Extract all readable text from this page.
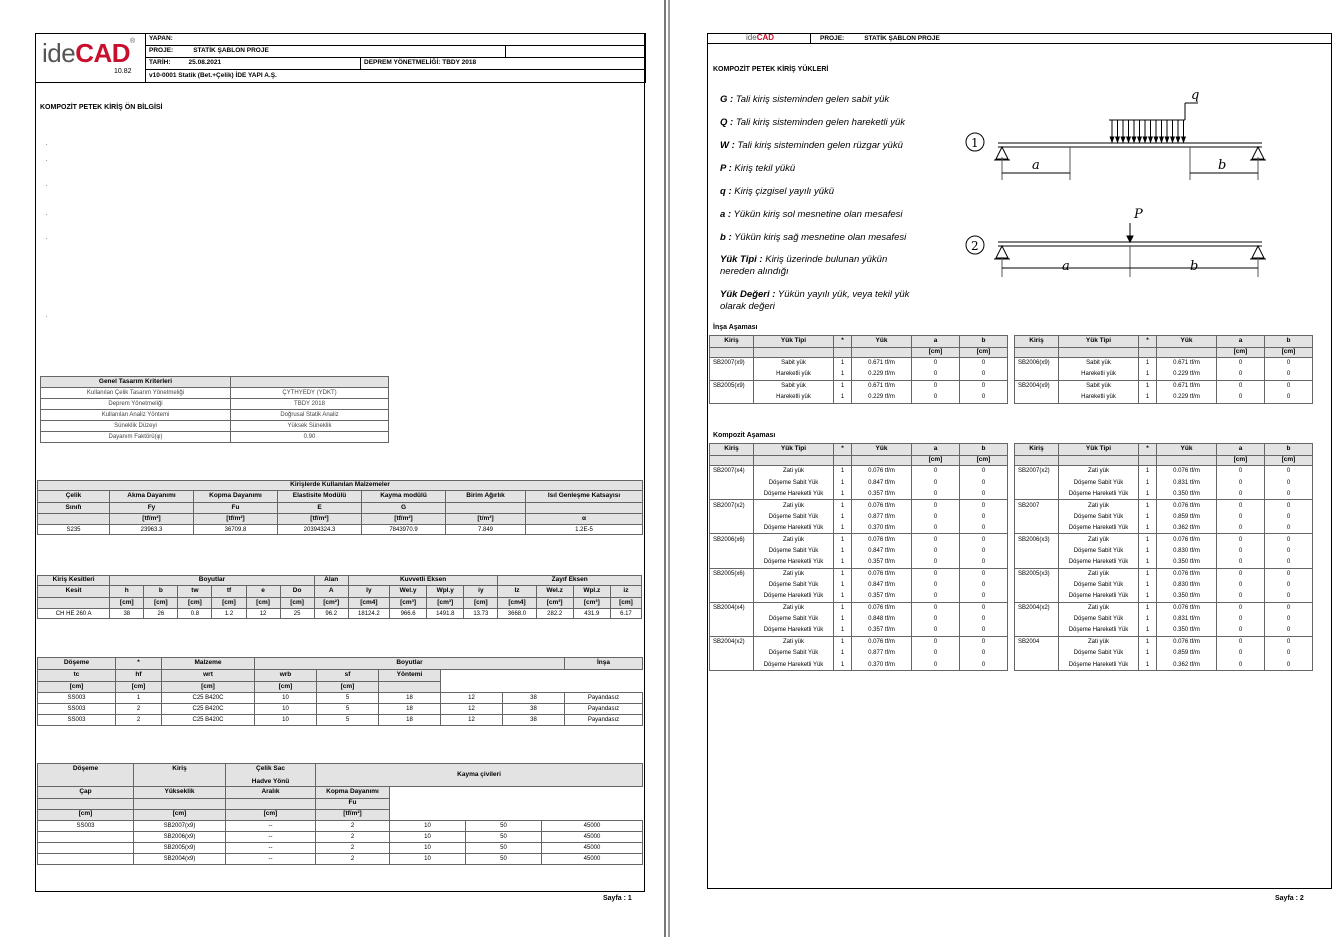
ideCAD®
10.82
YAPAN:		
PROJE: STATİK ŞABLON PROJE		
TARİH: 25.08.2021	DEPREM YÖNETMELİĞİ: TBDY 2018	
v10-0001 Statik (Bet.+Çelik) İDE YAPI A.Ş.		
KOMPOZİT PETEK KİRİŞ ÖN BİLGİSİ
Genel Tasarım Kriterleri	
Kullanılan Çelik Tasarım Yönetmeliği	ÇYTHYEDY (YDKT)
Deprem Yönetmeliği	TBDY 2018
Kullanılan Analiz Yöntemi	Doğrusal Statik Analiz
Süneklik Düzeyi	Yüksek Süneklik
Dayanım Faktörü(φ)	0.90
Kirişlerde Kullanılan Malzemeler						
Çelik	Akma Dayanımı	Kopma Dayanımı	Elastisite Modülü	Kayma modülü	Birim Ağırlık	Isıl Genleşme Katsayısı
Sınıfı	Fy	Fu	E	G		
	[tf/m²]	[tf/m²]	[tf/m²]	[tf/m²]	[t/m³]	α
S235	23963.3	36709.8	20394324.3	7843970.9	7.849	1.2E-5
Kiriş Kesitleri	Boyutlar						Alan	Kuvvetli Eksen				Zayıf Eksen			
Kesit	h	b	tw	tf	e	Do	A	Iy	Wel.y	Wpl.y	iy	Iz	Wel.z	Wpl.z	iz
	[cm]	[cm]	[cm]	[cm]	[cm]	[cm]	[cm²]	[cm4]	[cm³]	[cm³]	[cm]	[cm4]	[cm³]	[cm³]	[cm]
CH HE 260 A	38	26	0.8	1.2	12	25	96.2	18124.2	966.6	1491.8	13.73	3668.0	282.2	431.9	6.17
Döşeme	*	Malzeme	Boyutlar					İnşa
tc	hf	wrt	wrb	sf	Yöntemi			
[cm]	[cm]	[cm]	[cm]	[cm]				
SS003	1	C25 B420C	10	5	18	12	38	Payandasız
SS003	2	C25 B420C	10	5	18	12	38	Payandasız
SS003	2	C25 B420C	10	5	18	12	38	Payandasız
Döşeme	Kiriş	Çelik Sac

Hadve Yönü	Kayma çivileri			
Çap	Yükseklik	Aralık	Kopma Dayanımı			
			Fu			
[cm]	[cm]	[cm]	[tf/m²]			
SS003	SB2007(x9)	--	2	10	50	45000
	SB2006(x9)	--	2	10	50	45000
	SB2005(x9)	--	2	10	50	45000
	SB2004(x9)	--	2	10	50	45000
Sayfa : 1
ideCAD	PROJE:	STATİK ŞABLON PROJE
KOMPOZİT PETEK KİRİŞ YÜKLERİ
G : Tali kiriş sisteminden gelen sabit yük
Q : Tali kiriş sisteminden gelen hareketli yük
W : Tali kiriş sisteminden gelen rüzgar yükü
P : Kiriş tekil yükü
q : Kiriş çizgisel yayılı yükü
a : Yükün kiriş sol mesnetine olan mesafesi
b : Yükün kiriş sağ mesnetine olan mesafesi
Yük Tipi : Kiriş üzerinde bulunan yükün
nereden alındığı
Yük Değeri : Yükün yayılı yük, veya tekil yük
olarak değeri
1
2
q
P
a	b
a	b
İnşa Aşaması
Kompozit Aşaması
Kiriş	Yük Tipi	*	Yük	a	b
				[cm]	[cm]
SB2007(x9)	Sabit yük	1	0.671 tf/m	0	0
	Hareketli yük	1	0.229 tf/m	0	0
SB2005(x9)	Sabit yük	1	0.671 tf/m	0	0
	Hareketli yük	1	0.229 tf/m	0	0
Kiriş	Yük Tipi	*	Yük	a	b
				[cm]	[cm]
SB2006(x9)	Sabit yük	1	0.671 tf/m	0	0
	Hareketli yük	1	0.229 tf/m	0	0
SB2004(x9)	Sabit yük	1	0.671 tf/m	0	0
	Hareketli yük	1	0.229 tf/m	0	0
Kiriş	Yük Tipi	*	Yük	a	b
				[cm]	[cm]
SB2007(x4)	Zati yük	1	0.076 tf/m	0	0
	Döşeme Sabit Yük	1	0.847 tf/m	0	0
	Döşeme Hareketli Yük	1	0.357 tf/m	0	0
SB2007(x2)	Zati yük	1	0.076 tf/m	0	0
	Döşeme Sabit Yük	1	0.877 tf/m	0	0
	Döşeme Hareketli Yük	1	0.370 tf/m	0	0
SB2006(x6)	Zati yük	1	0.076 tf/m	0	0
	Döşeme Sabit Yük	1	0.847 tf/m	0	0
	Döşeme Hareketli Yük	1	0.357 tf/m	0	0
SB2005(x6)	Zati yük	1	0.076 tf/m	0	0
	Döşeme Sabit Yük	1	0.847 tf/m	0	0
	Döşeme Hareketli Yük	1	0.357 tf/m	0	0
SB2004(x4)	Zati yük	1	0.076 tf/m	0	0
	Döşeme Sabit Yük	1	0.848 tf/m	0	0
	Döşeme Hareketli Yük	1	0.357 tf/m	0	0
SB2004(x2)	Zati yük	1	0.076 tf/m	0	0
	Döşeme Sabit Yük	1	0.877 tf/m	0	0
	Döşeme Hareketli Yük	1	0.370 tf/m	0	0
Kiriş	Yük Tipi	*	Yük	a	b
				[cm]	[cm]
SB2007(x2)	Zati yük	1	0.076 tf/m	0	0
	Döşeme Sabit Yük	1	0.831 tf/m	0	0
	Döşeme Hareketli Yük	1	0.350 tf/m	0	0
SB2007	Zati yük	1	0.076 tf/m	0	0
	Döşeme Sabit Yük	1	0.859 tf/m	0	0
	Döşeme Hareketli Yük	1	0.362 tf/m	0	0
SB2006(x3)	Zati yük	1	0.076 tf/m	0	0
	Döşeme Sabit Yük	1	0.830 tf/m	0	0
	Döşeme Hareketli Yük	1	0.350 tf/m	0	0
SB2005(x3)	Zati yük	1	0.076 tf/m	0	0
	Döşeme Sabit Yük	1	0.830 tf/m	0	0
	Döşeme Hareketli Yük	1	0.350 tf/m	0	0
SB2004(x2)	Zati yük	1	0.076 tf/m	0	0
	Döşeme Sabit Yük	1	0.831 tf/m	0	0
	Döşeme Hareketli Yük	1	0.350 tf/m	0	0
SB2004	Zati yük	1	0.076 tf/m	0	0
	Döşeme Sabit Yük	1	0.859 tf/m	0	0
	Döşeme Hareketli Yük	1	0.362 tf/m	0	0
Sayfa : 2
